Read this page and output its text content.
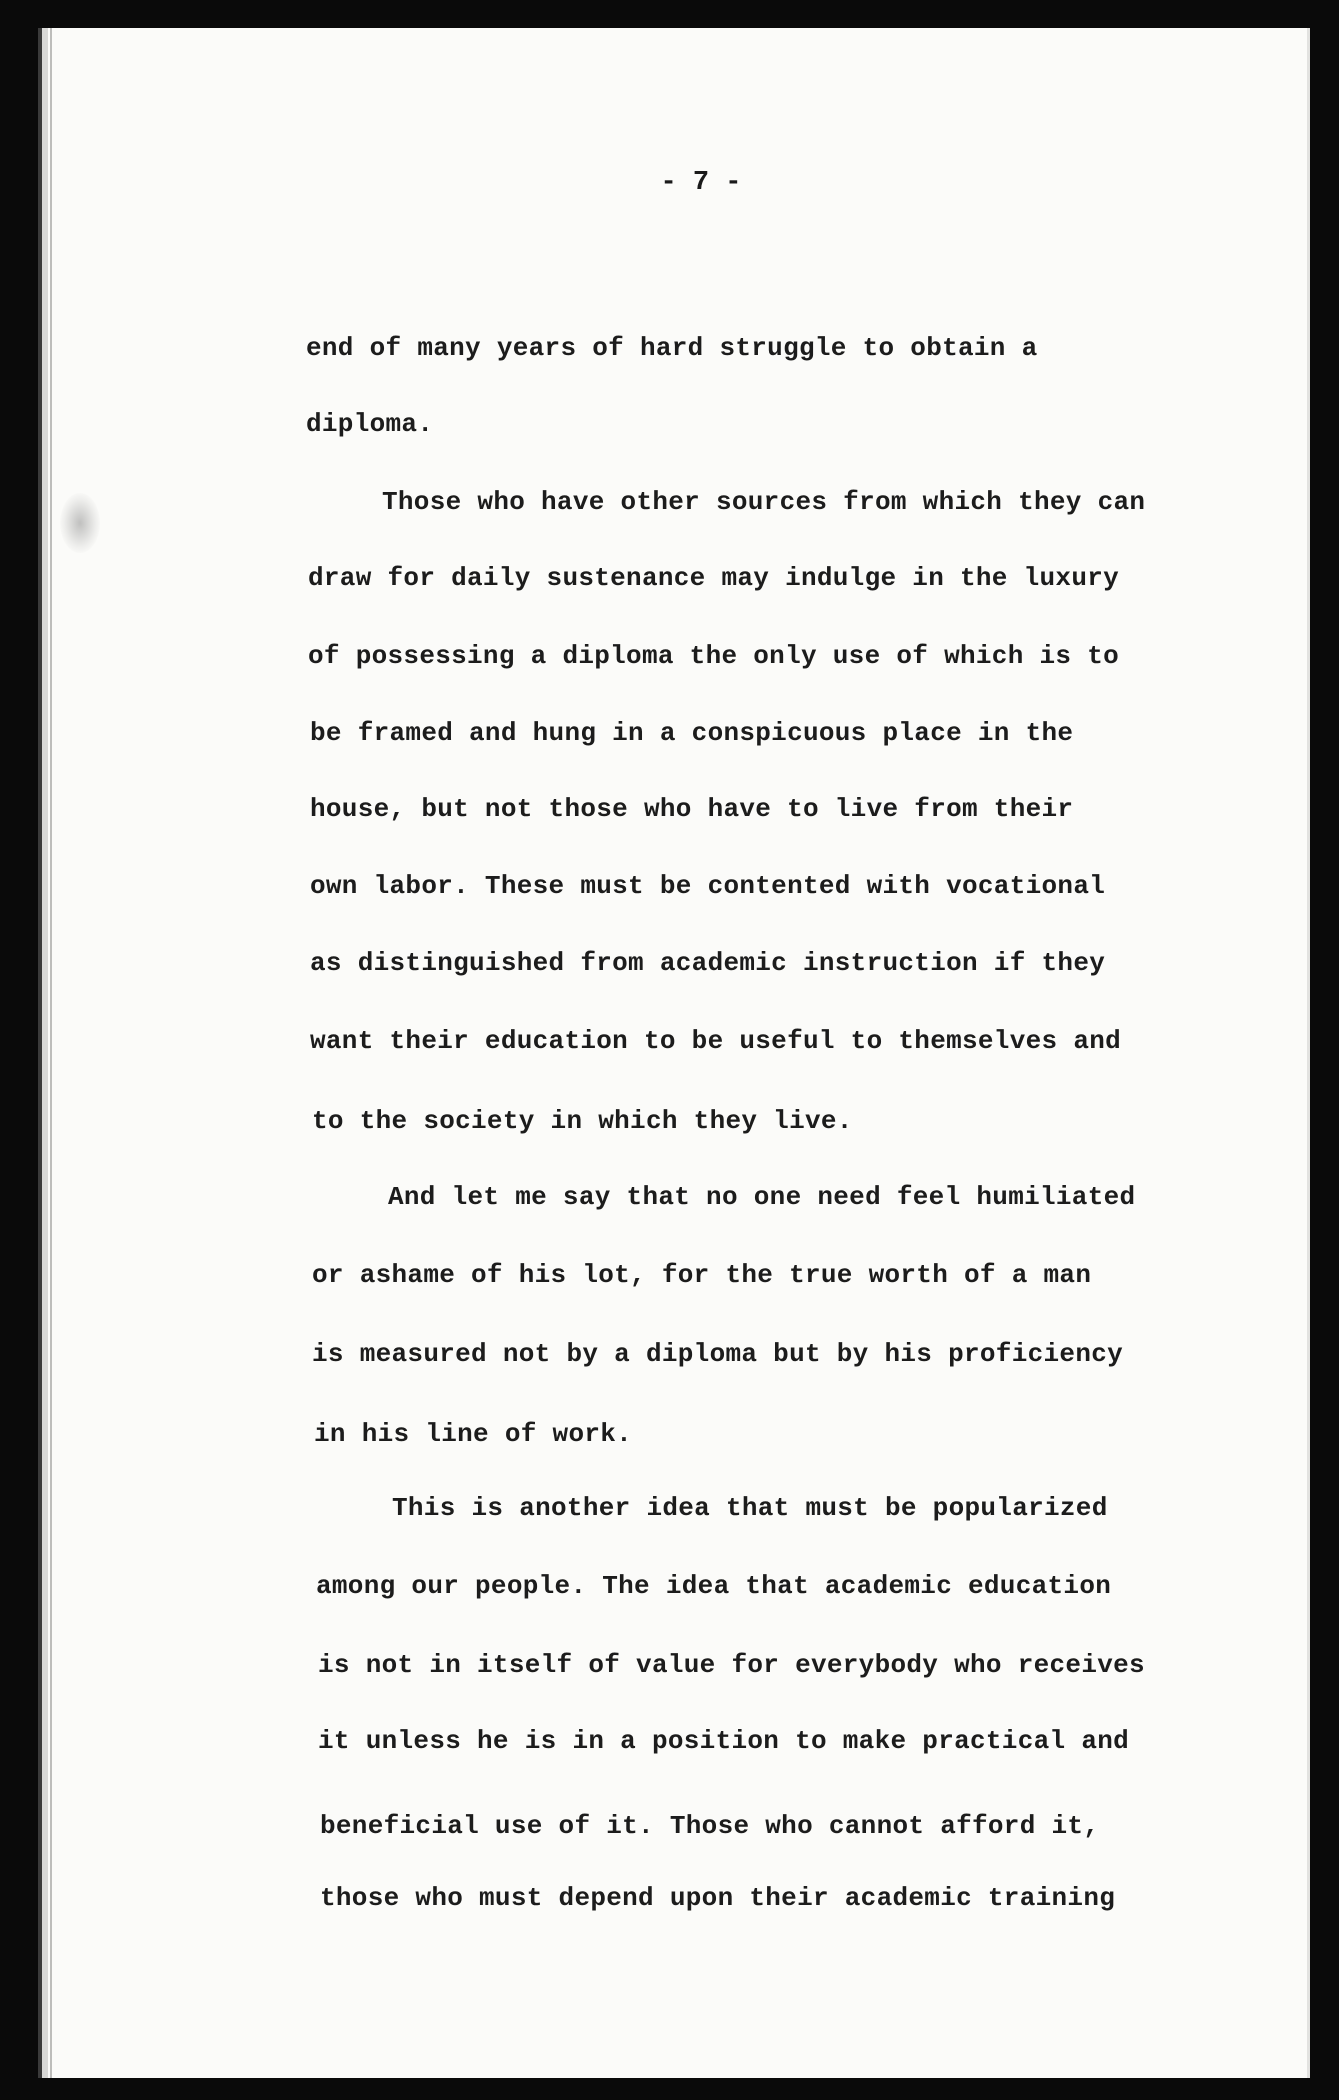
- 7 -

end of many years of hard struggle to obtain a

diploma.

Those who have other sources from which they can

draw for daily sustenance may indulge in the luxury

of possessing a diploma the only use of which is to

be framed and hung in a conspicuous place in the

house, but not those who have to live from their

own labor. These must be contented with vocational

as distinguished from academic instruction if they

want their education to be useful to themselves and

to the society in which they live.

And let me say that no one need feel humiliated

or ashame of his lot, for the true worth of a man

is measured not by a diploma but by his proficiency

in his line of work.

This is another idea that must be popularized

among our people. The idea that academic education

is not in itself of value for everybody who receives

it unless he is in a position to make practical and

beneficial use of it. Those who cannot afford it,

those who must depend upon their academic training
